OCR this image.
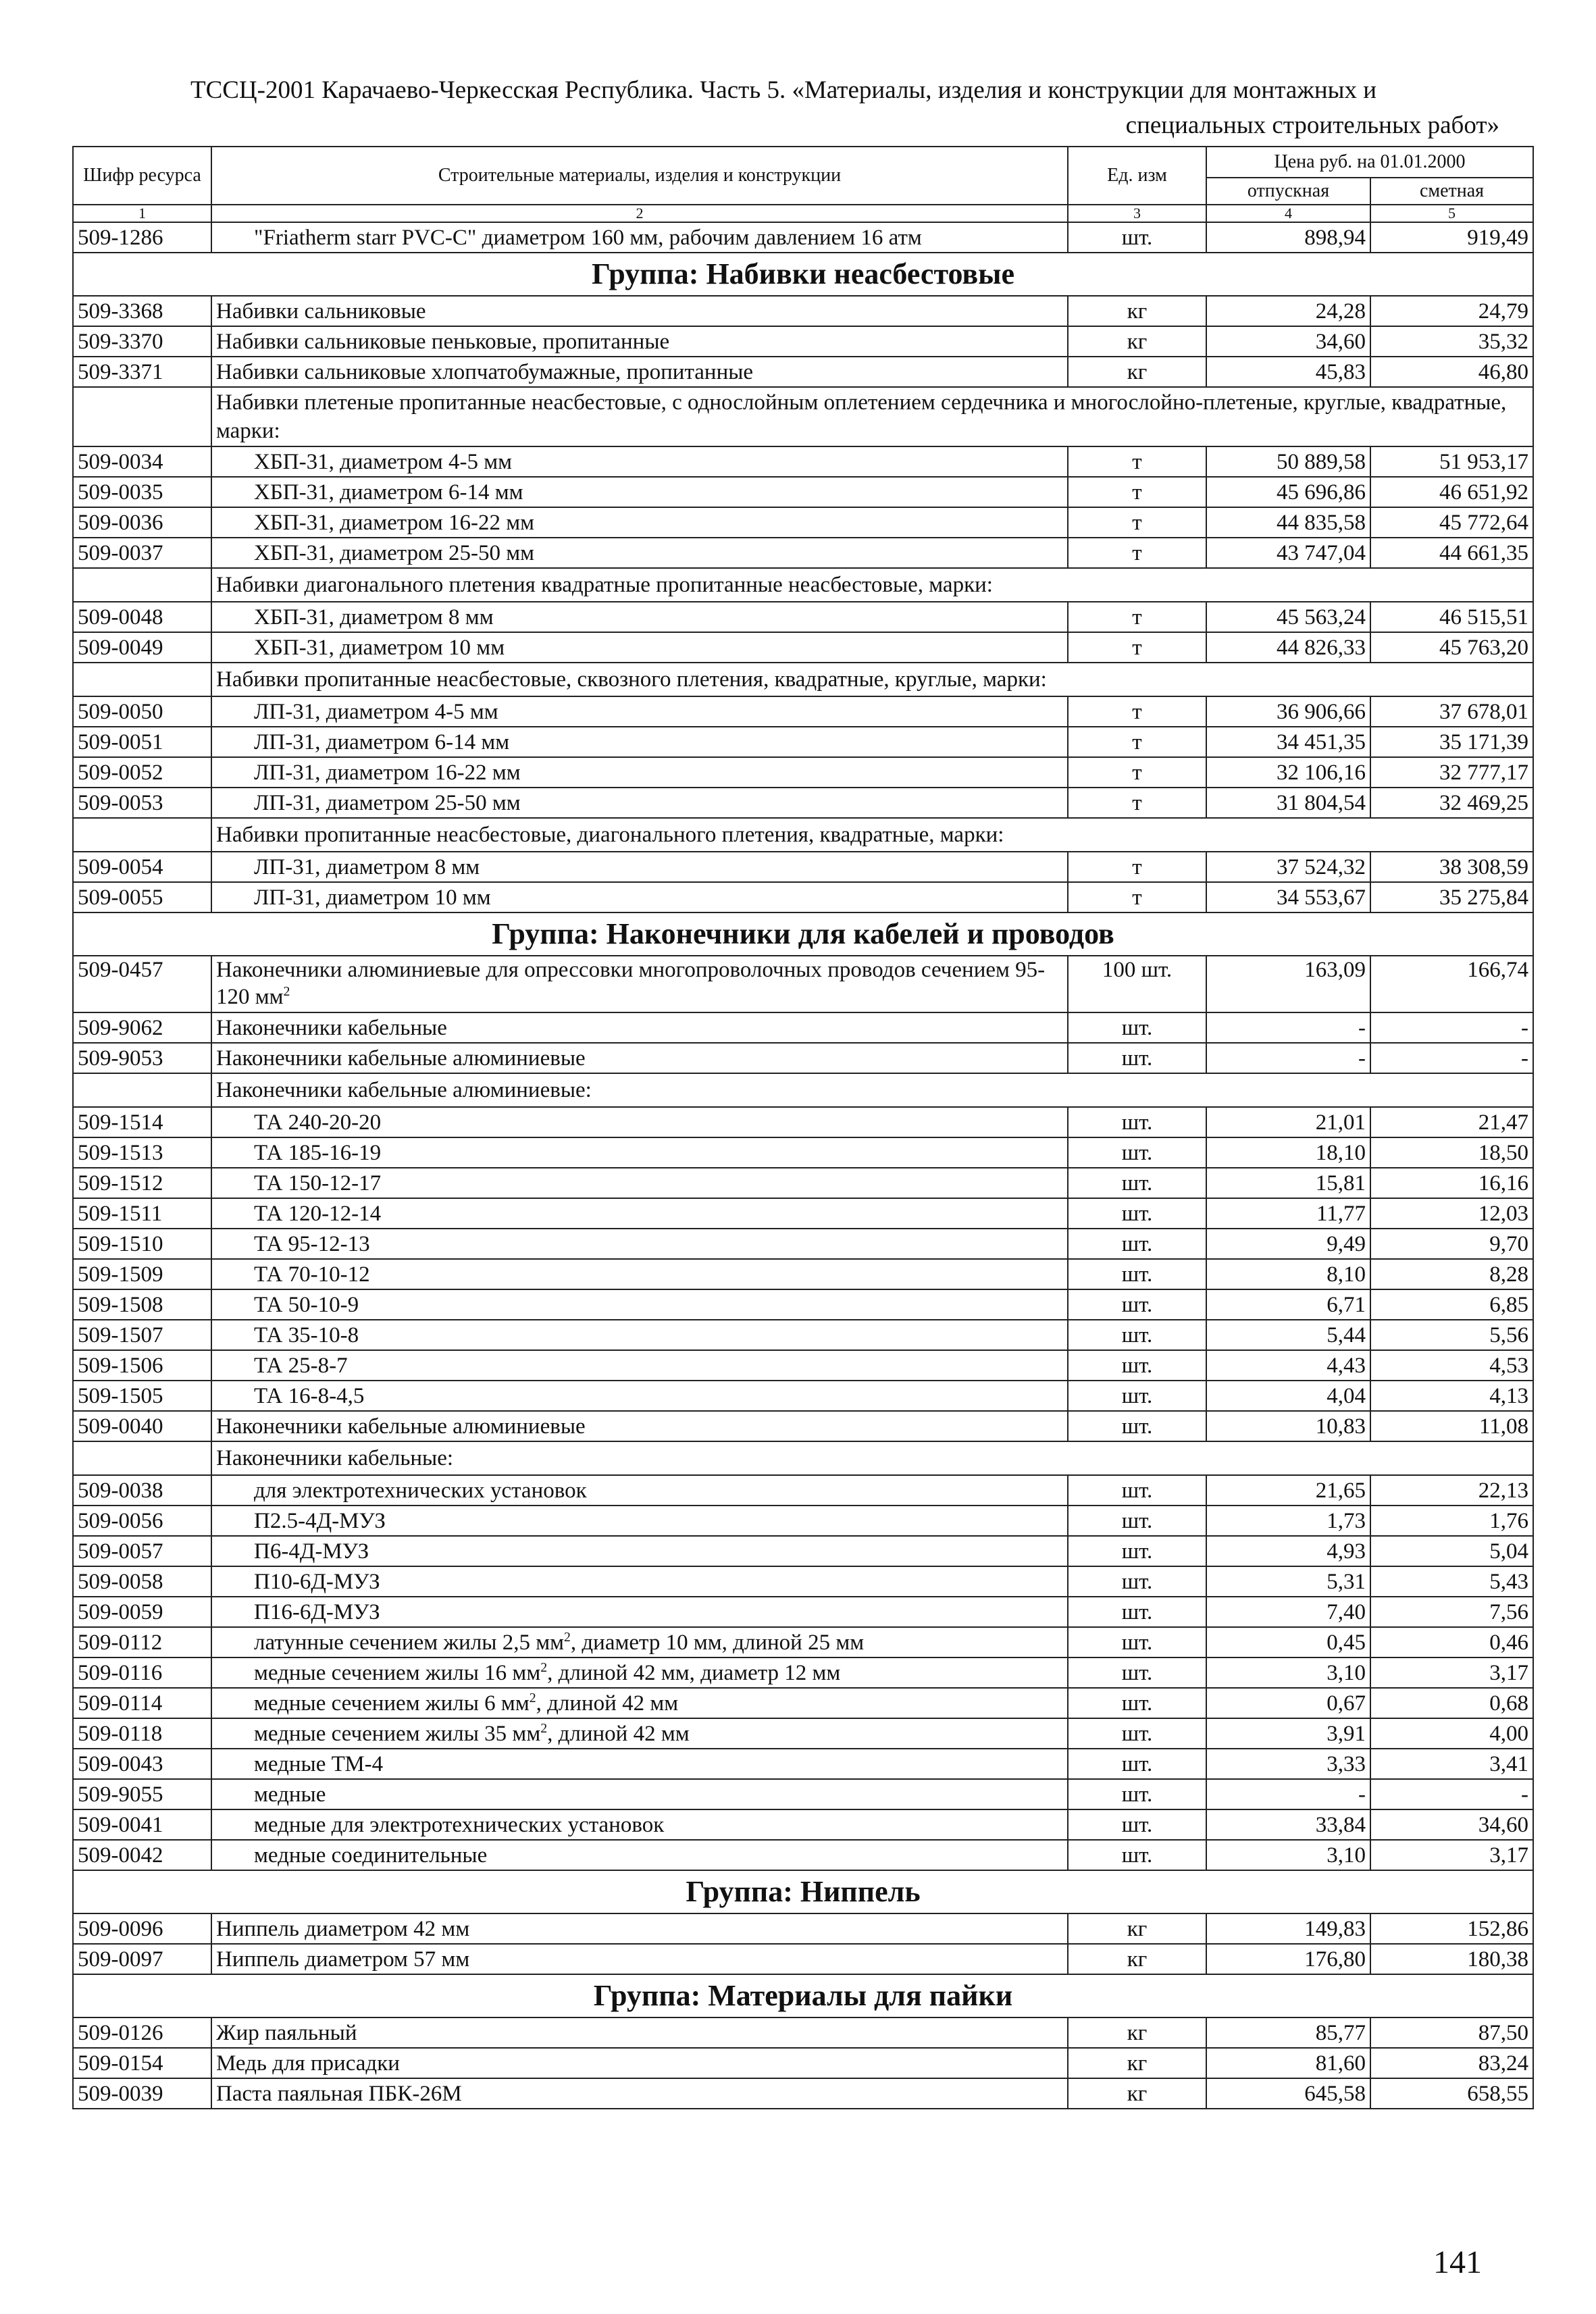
ТССЦ-2001 Карачаево-Черкесская Республика. Часть 5. «Материалы, изделия и конструкции для монтажных и
специальных строительных работ»
Шифр ресурса	Строительные материалы, изделия и конструкции	Ед. изм	Цена руб. на 01.01.2000	
			отпускная	сметная
1	2	3	4	5
509-1286	"Friatherm starr PVC-C" диаметром 160 мм, рабочим давлением 16 атм	шт.	898,94	919,49
Группа: Набивки неасбестовые				
509-3368	Набивки сальниковые	кг	24,28	24,79
509-3370	Набивки сальниковые пеньковые, пропитанные	кг	34,60	35,32
509-3371	Набивки сальниковые хлопчатобумажные, пропитанные	кг	45,83	46,80
	Набивки плетеные пропитанные неасбестовые, с однослойным оплетением сердечника и многослойно-плетеные, круглые, квадратные, марки:			
509-0034	ХБП-31, диаметром 4-5 мм	т	50 889,58	51 953,17
509-0035	ХБП-31, диаметром 6-14 мм	т	45 696,86	46 651,92
509-0036	ХБП-31, диаметром 16-22 мм	т	44 835,58	45 772,64
509-0037	ХБП-31, диаметром 25-50 мм	т	43 747,04	44 661,35
	Набивки диагонального плетения квадратные пропитанные неасбестовые, марки:			
509-0048	ХБП-31, диаметром 8 мм	т	45 563,24	46 515,51
509-0049	ХБП-31, диаметром 10 мм	т	44 826,33	45 763,20
	Набивки пропитанные неасбестовые, сквозного плетения, квадратные, круглые, марки:			
509-0050	ЛП-31, диаметром 4-5 мм	т	36 906,66	37 678,01
509-0051	ЛП-31, диаметром 6-14 мм	т	34 451,35	35 171,39
509-0052	ЛП-31, диаметром 16-22 мм	т	32 106,16	32 777,17
509-0053	ЛП-31, диаметром 25-50 мм	т	31 804,54	32 469,25
	Набивки пропитанные неасбестовые, диагонального плетения, квадратные, марки:			
509-0054	ЛП-31, диаметром 8 мм	т	37 524,32	38 308,59
509-0055	ЛП-31, диаметром 10 мм	т	34 553,67	35 275,84
Группа: Наконечники для кабелей и проводов				
509-0457	Наконечники алюминиевые для опрессовки многопроволочных проводов сечением 95-120 $мм^2$	100 шт.	163,09	166,74
509-9062	Наконечники кабельные	шт.	-	-
509-9053	Наконечники кабельные алюминиевые	шт.	-	-
	Наконечники кабельные алюминиевые:			
509-1514	ТА 240-20-20	шт.	21,01	21,47
509-1513	ТА 185-16-19	шт.	18,10	18,50
509-1512	ТА 150-12-17	шт.	15,81	16,16
509-1511	ТА 120-12-14	шт.	11,77	12,03
509-1510	ТА 95-12-13	шт.	9,49	9,70
509-1509	ТА 70-10-12	шт.	8,10	8,28
509-1508	ТА 50-10-9	шт.	6,71	6,85
509-1507	ТА 35-10-8	шт.	5,44	5,56
509-1506	ТА 25-8-7	шт.	4,43	4,53
509-1505	ТА 16-8-4,5	шт.	4,04	4,13
509-0040	Наконечники кабельные алюминиевые	шт.	10,83	11,08
	Наконечники кабельные:			
509-0038	для электротехнических установок	шт.	21,65	22,13
509-0056	П2.5-4Д-МУЗ	шт.	1,73	1,76
509-0057	П6-4Д-МУЗ	шт.	4,93	5,04
509-0058	П10-6Д-МУЗ	шт.	5,31	5,43
509-0059	П16-6Д-МУЗ	шт.	7,40	7,56
509-0112	латунные сечением жилы 2,5 $мм^2$, диаметр 10 мм, длиной 25 мм	шт.	0,45	0,46
509-0116	медные сечением жилы 16 $мм^2$, длиной 42 мм, диаметр 12 мм	шт.	3,10	3,17
509-0114	медные сечением жилы 6 $мм^2$, длиной 42 мм	шт.	0,67	0,68
509-0118	медные сечением жилы 35 $мм^2$, длиной 42 мм	шт.	3,91	4,00
509-0043	медные ТМ-4	шт.	3,33	3,41
509-9055	медные	шт.	-	-
509-0041	медные для электротехнических установок	шт.	33,84	34,60
509-0042	медные соединительные	шт.	3,10	3,17
Группа: Ниппель				
509-0096	Ниппель диаметром 42 мм	кг	149,83	152,86
509-0097	Ниппель диаметром 57 мм	кг	176,80	180,38
Группа: Материалы для пайки				
509-0126	Жир паяльный	кг	85,77	87,50
509-0154	Медь для присадки	кг	81,60	83,24
509-0039	Паста паяльная ПБК-26М	кг	645,58	658,55
141
